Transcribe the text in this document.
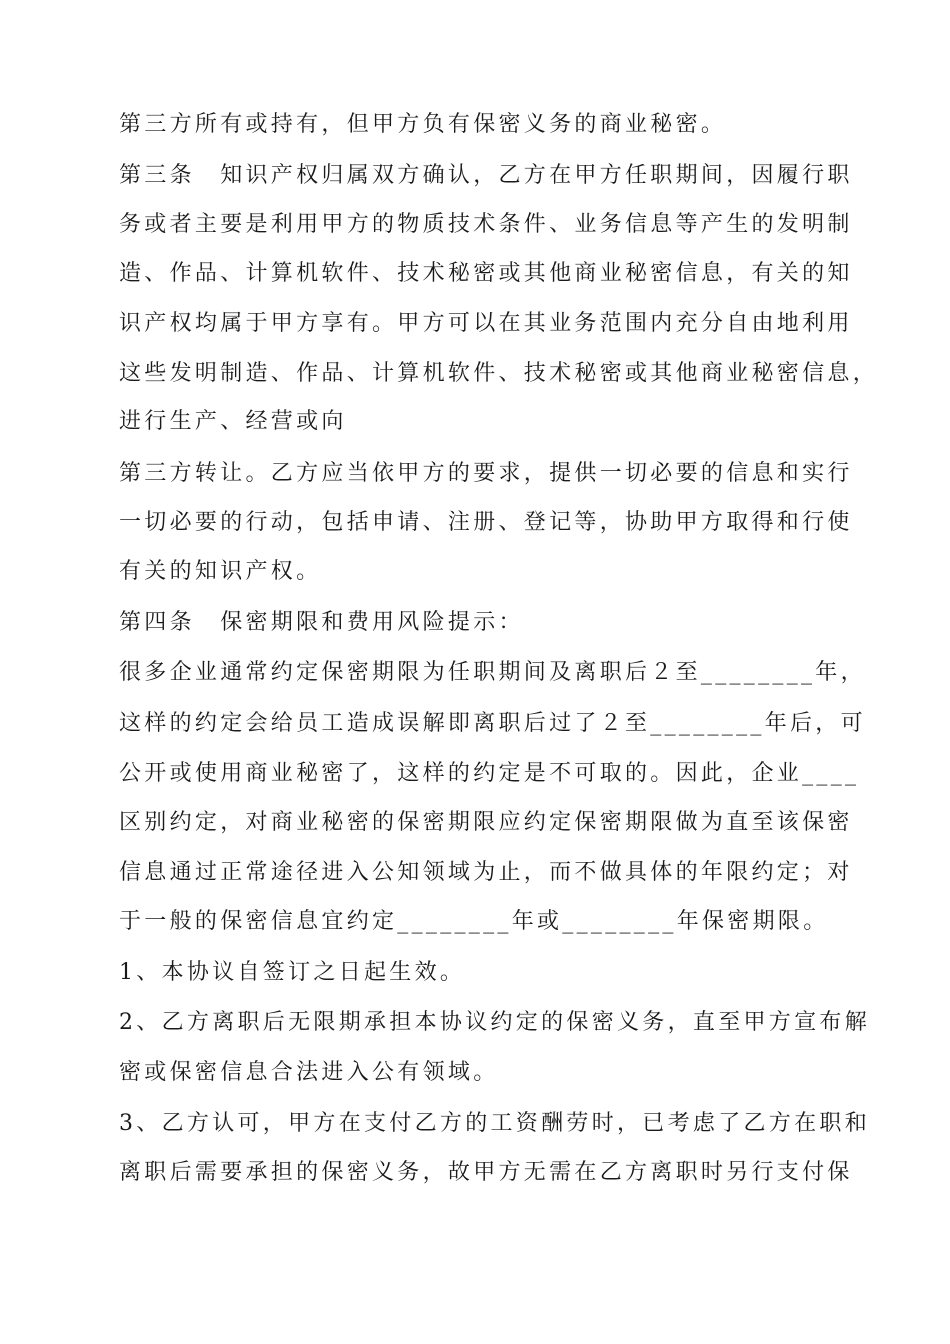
第三方所有或持有，但甲方负有保密义务的商业秘密。
第三条　知识产权归属双方确认，乙方在甲方任职期间，因履行职
务或者主要是利用甲方的物质技术条件、业务信息等产生的发明制
造、作品、计算机软件、技术秘密或其他商业秘密信息，有关的知
识产权均属于甲方享有。甲方可以在其业务范围内充分自由地利用
这些发明制造、作品、计算机软件、技术秘密或其他商业秘密信息，
进行生产、经营或向
第三方转让。乙方应当依甲方的要求，提供一切必要的信息和实行
一切必要的行动，包括申请、注册、登记等，协助甲方取得和行使
有关的知识产权。
第四条　保密期限和费用风险提示：
很多企业通常约定保密期限为任职期间及离职后２至________年，
这样的约定会给员工造成误解即离职后过了２至________年后，可
公开或使用商业秘密了，这样的约定是不可取的。因此，企业____
区别约定，对商业秘密的保密期限应约定保密期限做为直至该保密
信息通过正常途径进入公知领域为止，而不做具体的年限约定；对
于一般的保密信息宜约定________年或________年保密期限。
1、本协议自签订之日起生效。
2、乙方离职后无限期承担本协议约定的保密义务，直至甲方宣布解
密或保密信息合法进入公有领域。
3、乙方认可，甲方在支付乙方的工资酬劳时，已考虑了乙方在职和
离职后需要承担的保密义务，故甲方无需在乙方离职时另行支付保
